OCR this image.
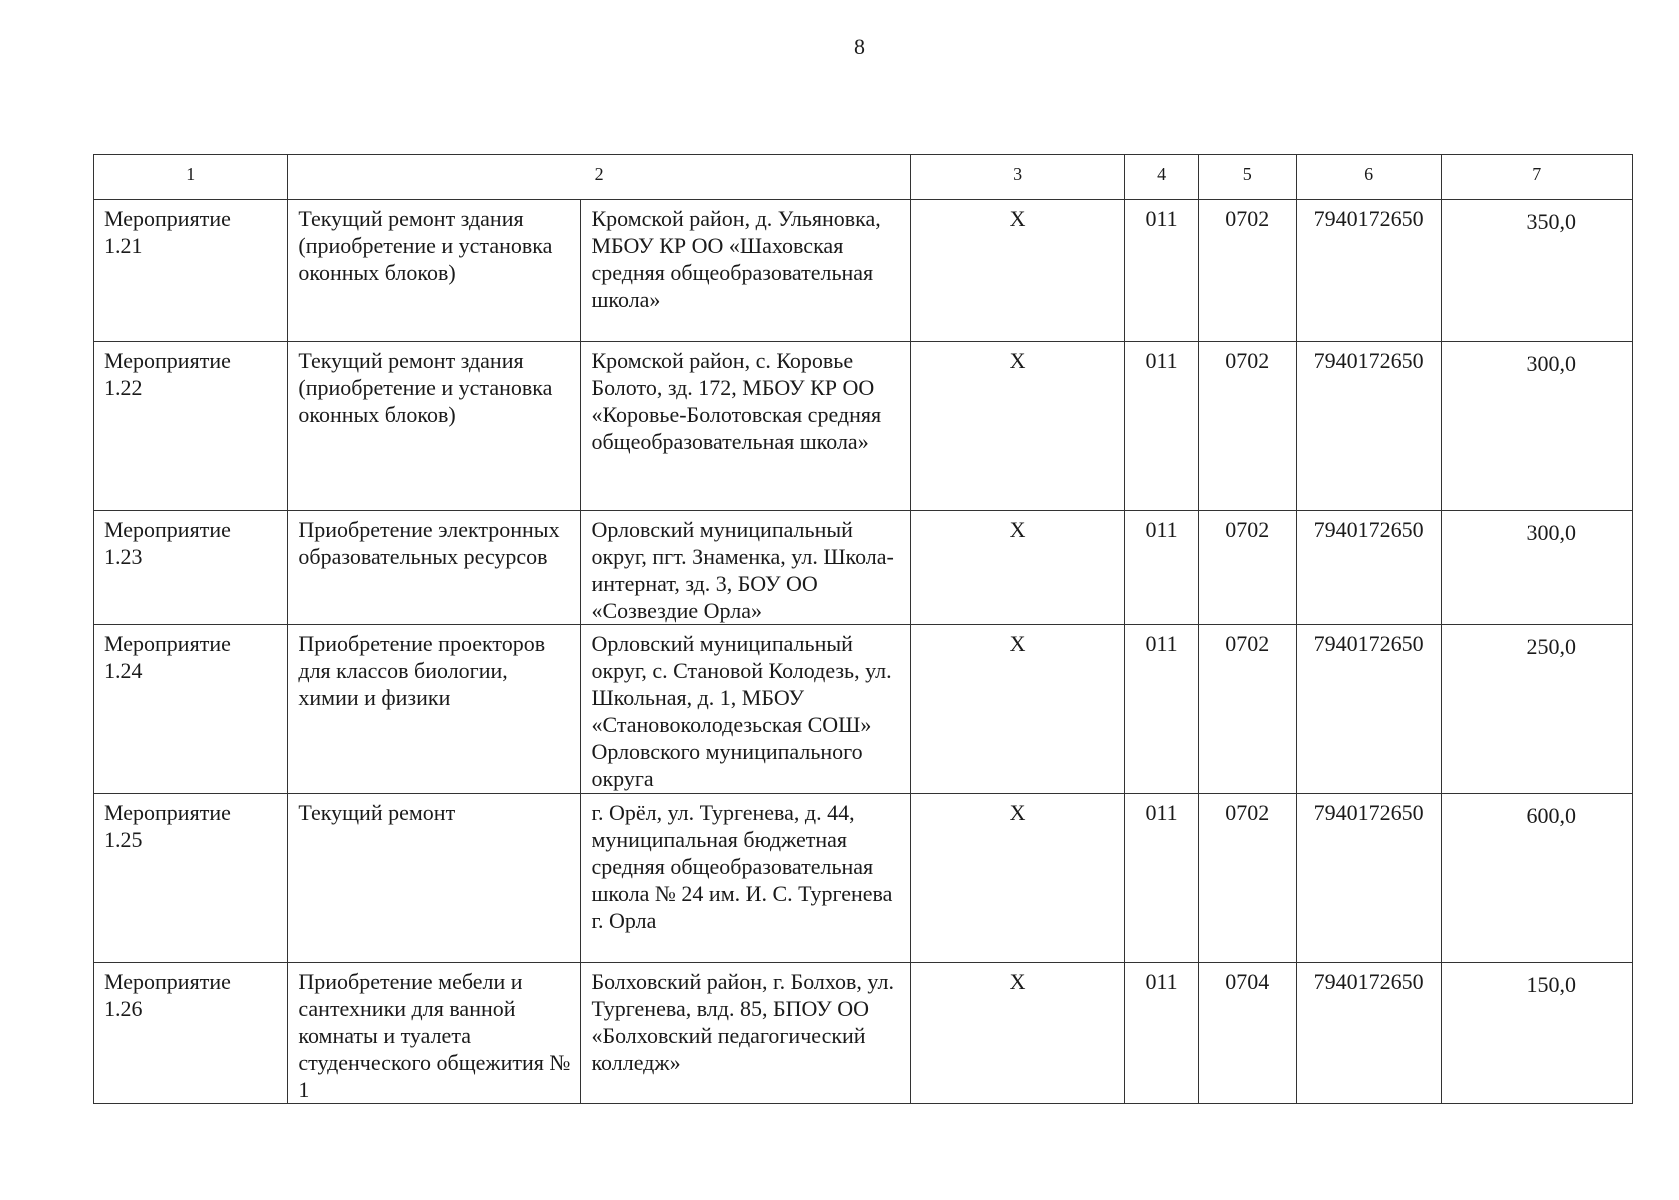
8
1	2		3	4	5	6	7

Мероприятие
1.21	Текущий ремонт здания (приобретение и установка оконных блоков)	Кромской район, д. Ульяновка, МБОУ КР ОО «Шаховская средняя общеобразовательная школа»	X	011	0702	7940172650	350,0

Мероприятие
1.22	Текущий ремонт здания (приобретение и установка оконных блоков)	Кромской район, с. Коровье Болото, зд. 172, МБОУ КР ОО «Коровье-Болотовская средняя общеобразовательная школа»	X	011	0702	7940172650	300,0

Мероприятие
1.23	Приобретение электронных образовательных ресурсов	Орловский муниципальный округ, пгт. Знаменка, ул. Школа-интернат, зд. 3, БОУ ОО «Созвездие Орла»	X	011	0702	7940172650	300,0

Мероприятие
1.24	Приобретение проекторов для классов биологии, химии и физики	Орловский муниципальный округ, с. Становой Колодезь, ул. Школьная, д. 1, МБОУ «Становоколодезьская СОШ» Орловского муниципального округа	X	011	0702	7940172650	250,0

Мероприятие
1.25	Текущий ремонт	г. Орёл, ул. Тургенева, д. 44, муниципальная бюджетная средняя общеобразовательная школа № 24 им. И. С. Тургенева г. Орла	X	011	0702	7940172650	600,0

Мероприятие
1.26	Приобретение мебели и сантехники для ванной комнаты и туалета студенческого общежития № 1	Болховский район, г. Болхов, ул. Тургенева, влд. 85, БПОУ ОО «Болховский педагогический колледж»	X	011	0704	7940172650	150,0
